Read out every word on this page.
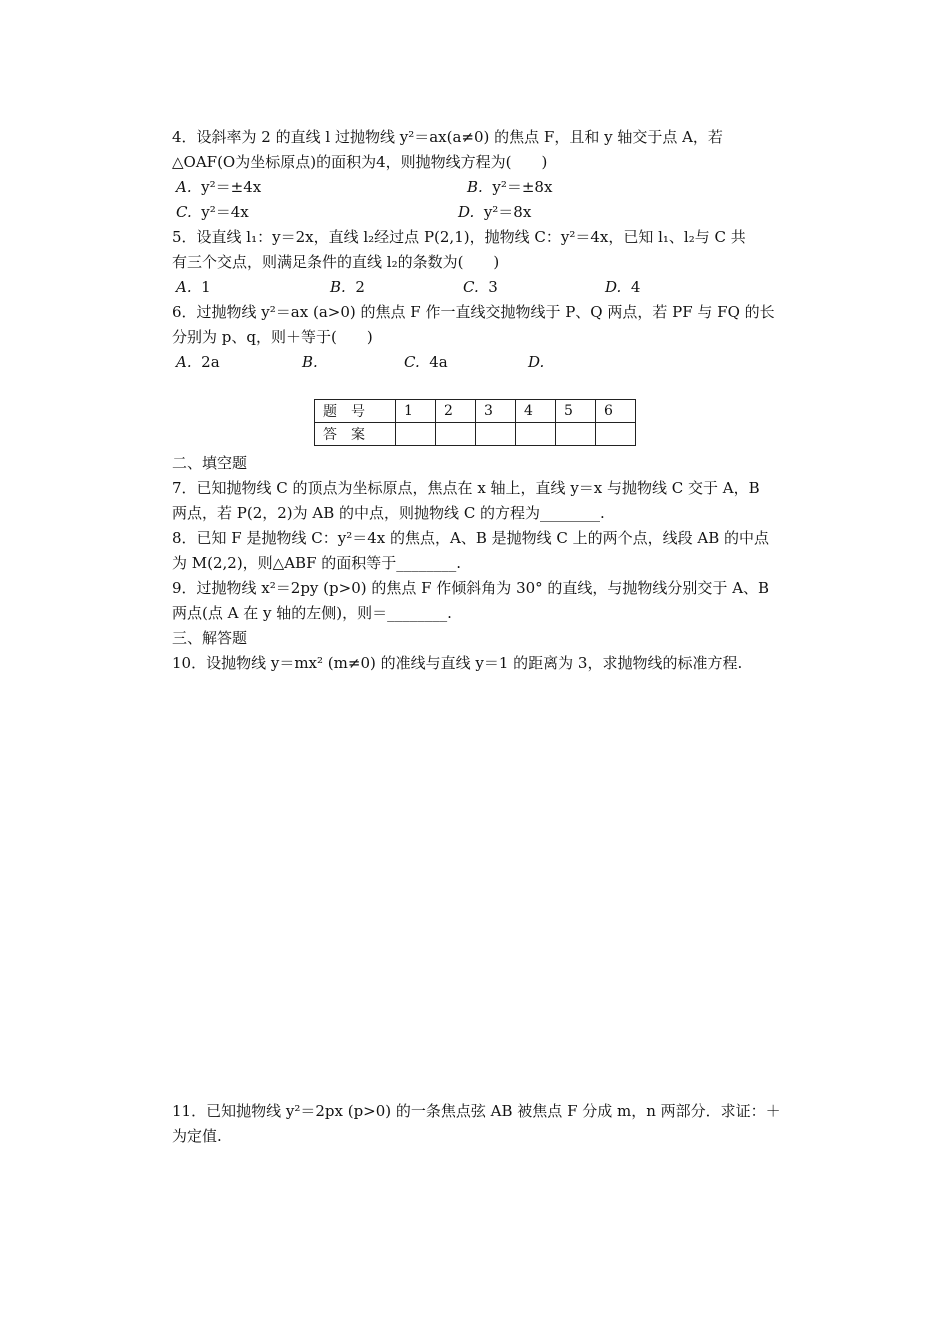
4．设斜率为 2 的直线 l 过抛物线 y²＝ax(a≠0) 的焦点 F，且和 y 轴交于点 A，若
△OAF(O为坐标原点)的面积为4，则抛物线方程为(　　)
A. y²＝±4x	B. y²＝±8x
C. y²＝4x	D. y²＝8x
5．设直线 l₁：y＝2x，直线 l₂经过点 P(2,1)，抛物线 C：y²＝4x，已知 l₁、l₂与 C 共
有三个交点，则满足条件的直线 l₂的条数为(　　)
A. 1	B. 2	C. 3	D. 4
6．过抛物线 y²＝ax (a>0) 的焦点 F 作一直线交抛物线于 P、Q 两点，若 PF 与 FQ 的长
分别为 p、q，则＋等于(　　)
A. 2a	B.	C. 4a	D.
题　号	1	2	3	4	5	6
答　案						
二、填空题
7．已知抛物线 C 的顶点为坐标原点，焦点在 x 轴上，直线 y＝x 与抛物线 C 交于 A，B
两点，若 P(2，2)为 AB 的中点，则抛物线 C 的方程为________.
8．已知 F 是抛物线 C：y²＝4x 的焦点，A、B 是抛物线 C 上的两个点，线段 AB 的中点
为 M(2,2)，则△ABF 的面积等于________.
9．过抛物线 x²＝2py (p>0) 的焦点 F 作倾斜角为 30° 的直线，与抛物线分别交于 A、B
两点(点 A 在 y 轴的左侧)，则＝________.
三、解答题
10．设抛物线 y＝mx² (m≠0) 的准线与直线 y＝1 的距离为 3，求抛物线的标准方程.
11．已知抛物线 y²＝2px (p>0) 的一条焦点弦 AB 被焦点 F 分成 m，n 两部分．求证：＋
为定值.
